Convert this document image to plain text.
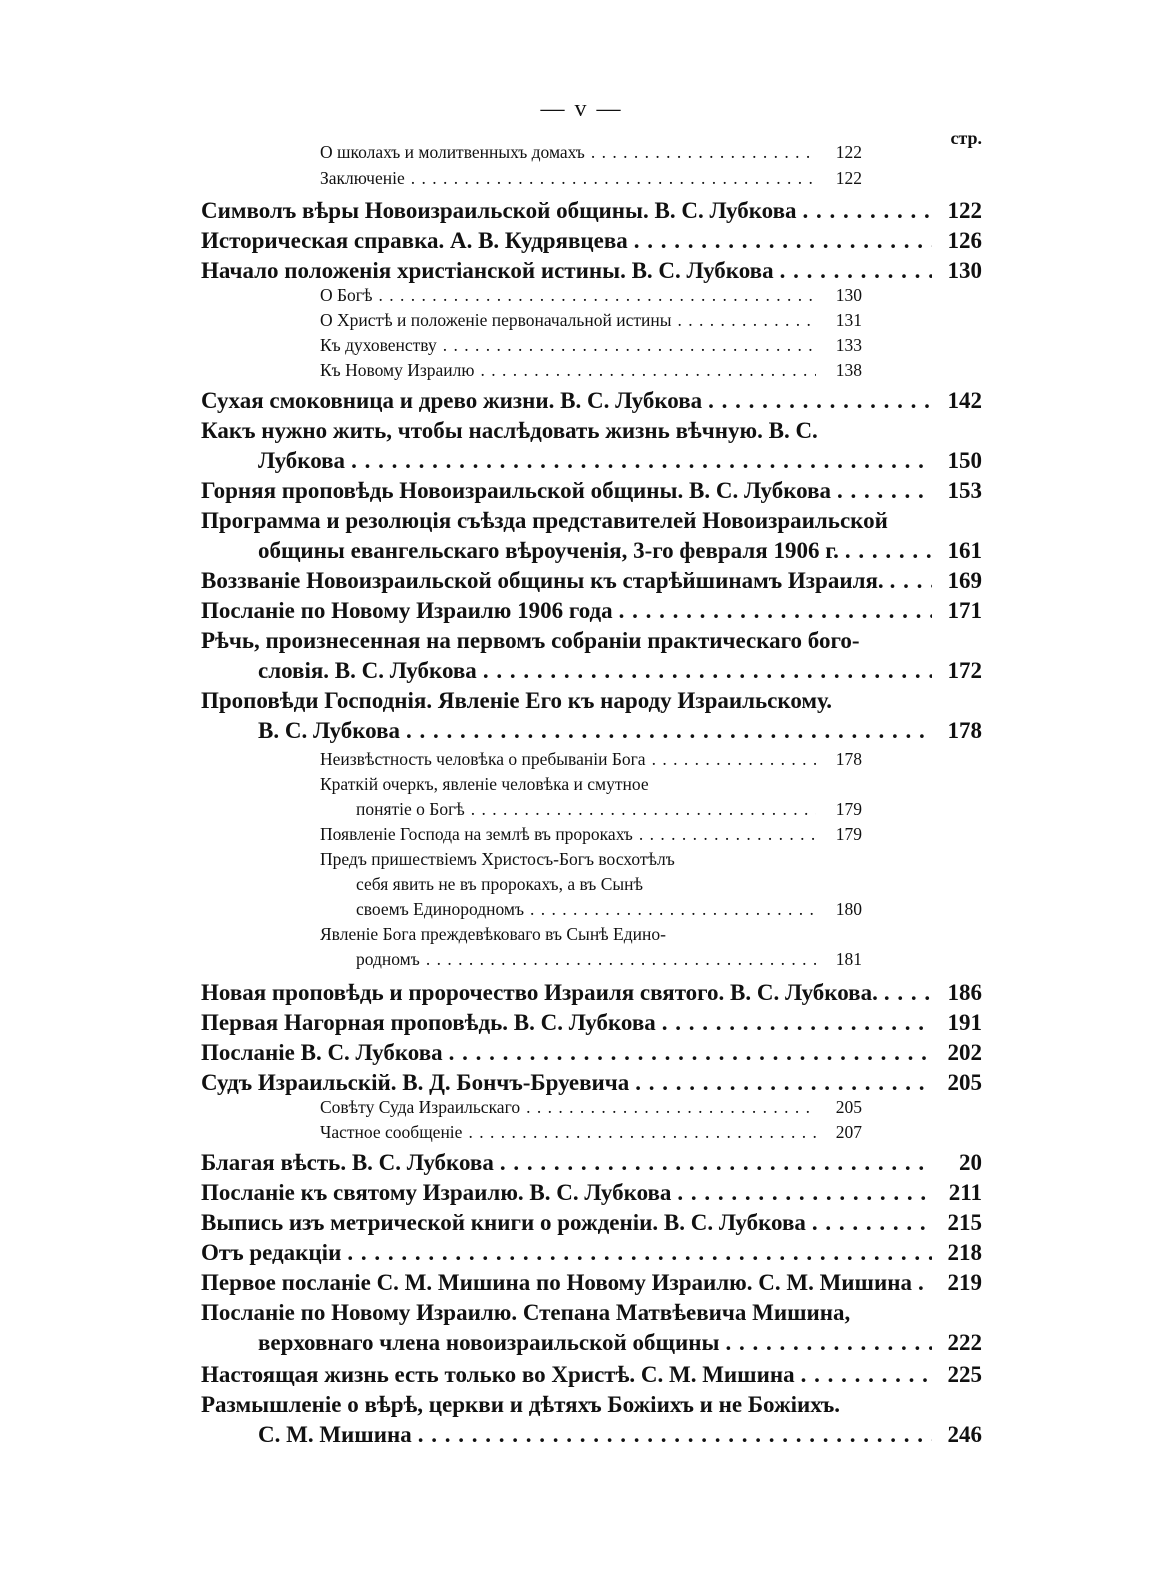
— v —
стр.
О школахъ и молитвенныхъ домахъ . . .	122
Заключеніе . . .	122
Символъ вѣры Новоизраильской общины. В. С. Лубкова . . .	122
Историческая справка. А. В. Кудрявцева . . .	126
Начало положенія христіанской истины. В. С. Лубкова . . .	130
О Богѣ . . .	130
О Христѣ и положеніе первоначальной истины . . .	131
Къ духовенству . . .	133
Къ Новому Израилю . . .	138
Сухая смоковница и древо жизни. В. С. Лубкова . . .	142
Какъ нужно жить, чтобы наслѣдовать жизнь вѣчную. В. С.
Лубкова . . .	150
Горняя проповѣдь Новоизраильской общины. В. С. Лубкова . . .	153
Программа и резолюція съѣзда представителей Новоизраильской
общины евангельскаго вѣроученія, 3-го февраля 1906 г. . . .	161
Воззваніе Новоизраильской общины къ старѣйшинамъ Израиля. . . .	169
Посланіе по Новому Израилю 1906 года . . .	171
Рѣчь, произнесенная на первомъ собраніи практическаго бого-
словія. В. С. Лубкова . . .	172
Проповѣди Господнія. Явленіе Его къ народу Израильскому.
В. С. Лубкова . . .	178
Неизвѣстность человѣка о пребываніи Бога . . .	178
Краткій очеркъ, явленіе человѣка и смутное
понятіе о Богѣ . . .	179
Появленіе Господа на землѣ въ пророкахъ . . .	179
Предъ пришествіемъ Христосъ-Богъ восхотѣлъ
себя явить не въ пророкахъ, а въ Сынѣ
своемъ Единородномъ . . .	180
Явленіе Бога преждевѣковаго въ Сынѣ Едино-
родномъ . . .	181
Новая проповѣдь и пророчество Израиля святого. В. С. Лубкова. . . .	186
Первая Нагорная проповѣдь. В. С. Лубкова . . .	191
Посланіе В. С. Лубкова . . .	202
Судъ Израильскій. В. Д. Бончъ-Бруевича . . .	205
Совѣту Суда Израильскаго . . .	205
Частное сообщеніе . . .	207
Благая вѣсть. В. С. Лубкова . . .	20
Посланіе къ святому Израилю. В. С. Лубкова . . .	211
Выпись изъ метрической книги о рожденіи. В. С. Лубкова . . .	215
Отъ редакціи . . .	218
Первое посланіе С. М. Мишина по Новому Израилю. С. М. Мишина . . .	219
Посланіе по Новому Израилю. Степана Матвѣевича Мишина,
верховнаго члена новоизраильской общины . . .	222
Настоящая жизнь есть только во Христѣ. С. М. Мишина . . .	225
Размышленіе о вѣрѣ, церкви и дѣтяхъ Божіихъ и не Божіихъ.
С. М. Мишина . . .	246
